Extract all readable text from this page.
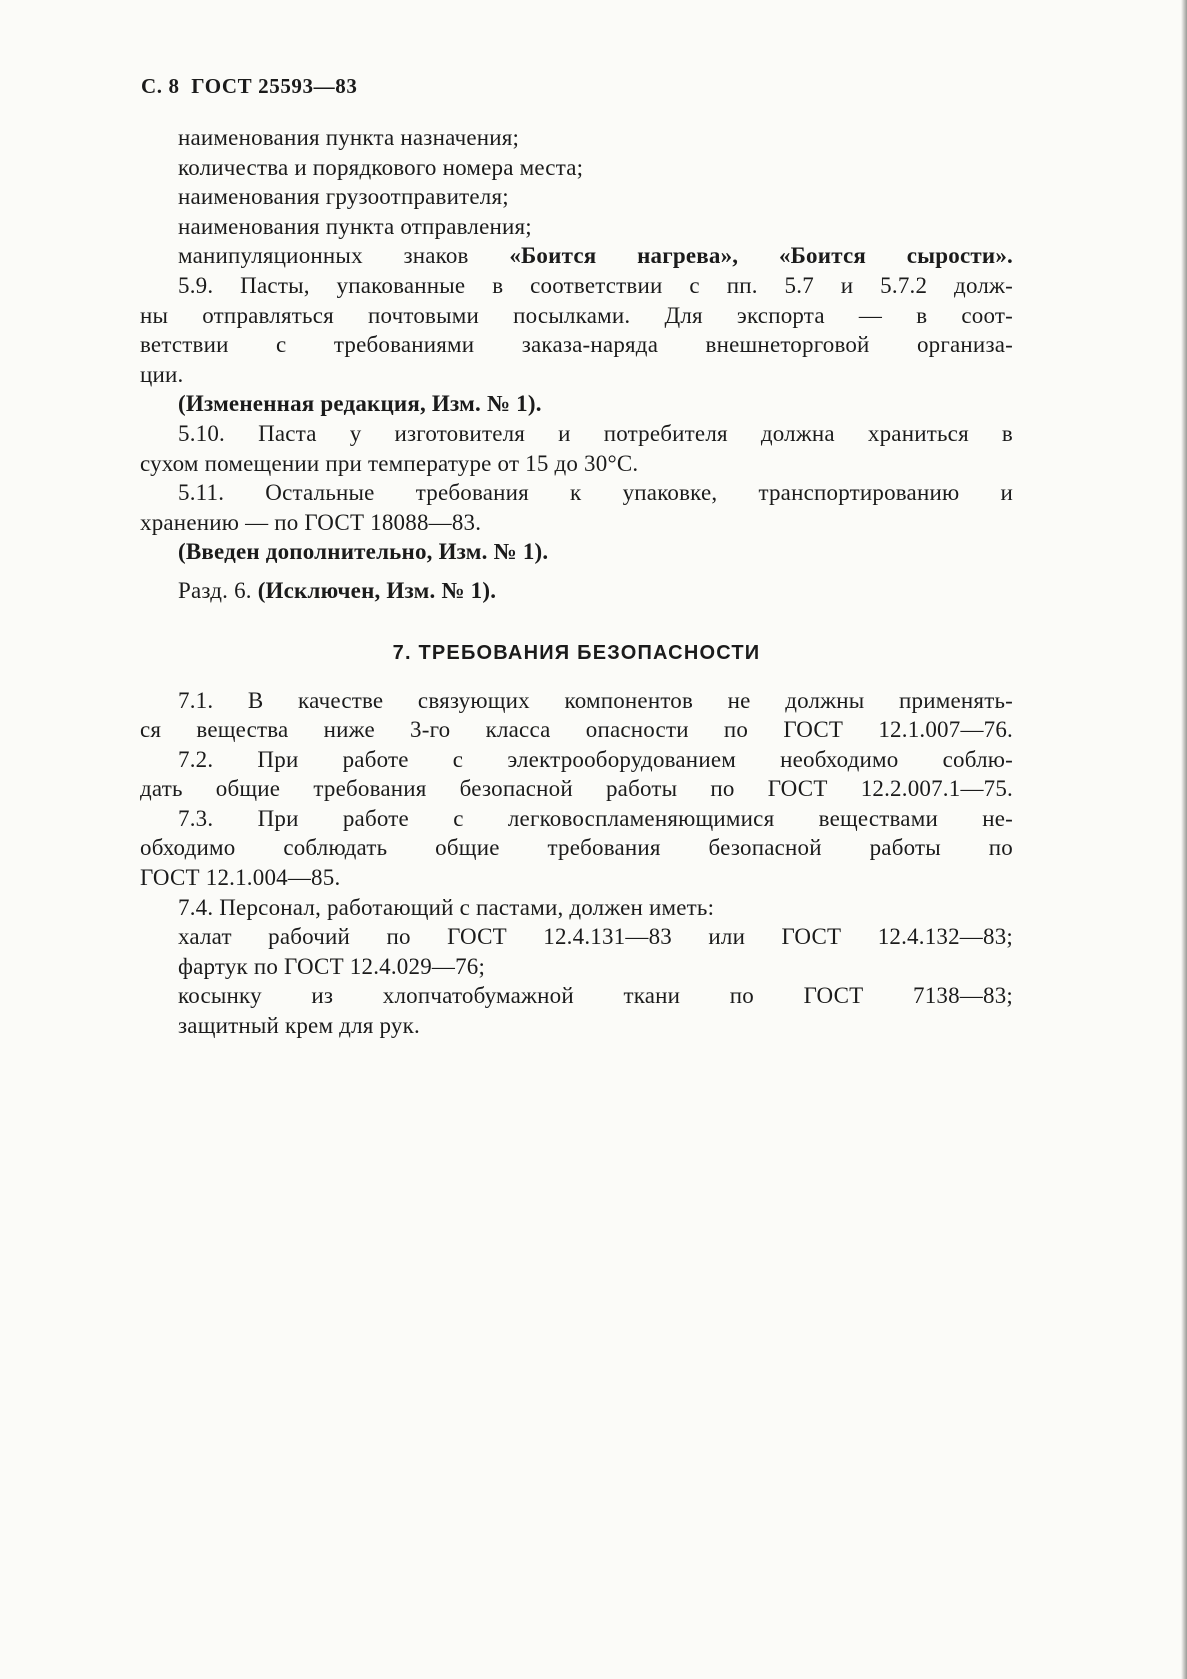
С. 8  ГОСТ 25593—83
наименования пункта назначения;
количества и порядкового номера места;
наименования грузоотправителя;
наименования пункта отправления;
манипуляционных знаков «Боится нагрева», «Боится сырости».
5.9. Пасты, упакованные в соответствии с пп. 5.7 и 5.7.2 долж-
ны отправляться почтовыми посылками. Для экспорта — в соот-
ветствии с требованиями заказа-наряда внешнеторговой организа-
ции.
(Измененная редакция, Изм. № 1).
5.10. Паста у изготовителя и потребителя должна храниться в
сухом помещении при температуре от 15 до 30°С.
5.11. Остальные требования к упаковке, транспортированию и
хранению — по ГОСТ 18088—83.
(Введен дополнительно, Изм. № 1).
Разд. 6. (Исключен, Изм. № 1).
7. ТРЕБОВАНИЯ БЕЗОПАСНОСТИ
7.1. В качестве связующих компонентов не должны применять-
ся вещества ниже 3-го класса опасности по ГОСТ 12.1.007—76.
7.2. При работе с электрооборудованием необходимо соблю-
дать общие требования безопасной работы по ГОСТ 12.2.007.1—75.
7.3. При работе с легковоспламеняющимися веществами не-
обходимо соблюдать общие требования безопасной работы по
ГОСТ 12.1.004—85.
7.4. Персонал, работающий с пастами, должен иметь:
халат рабочий по ГОСТ 12.4.131—83 или ГОСТ 12.4.132—83;
фартук по ГОСТ 12.4.029—76;
косынку из хлопчатобумажной ткани по ГОСТ 7138—83;
защитный крем для рук.
